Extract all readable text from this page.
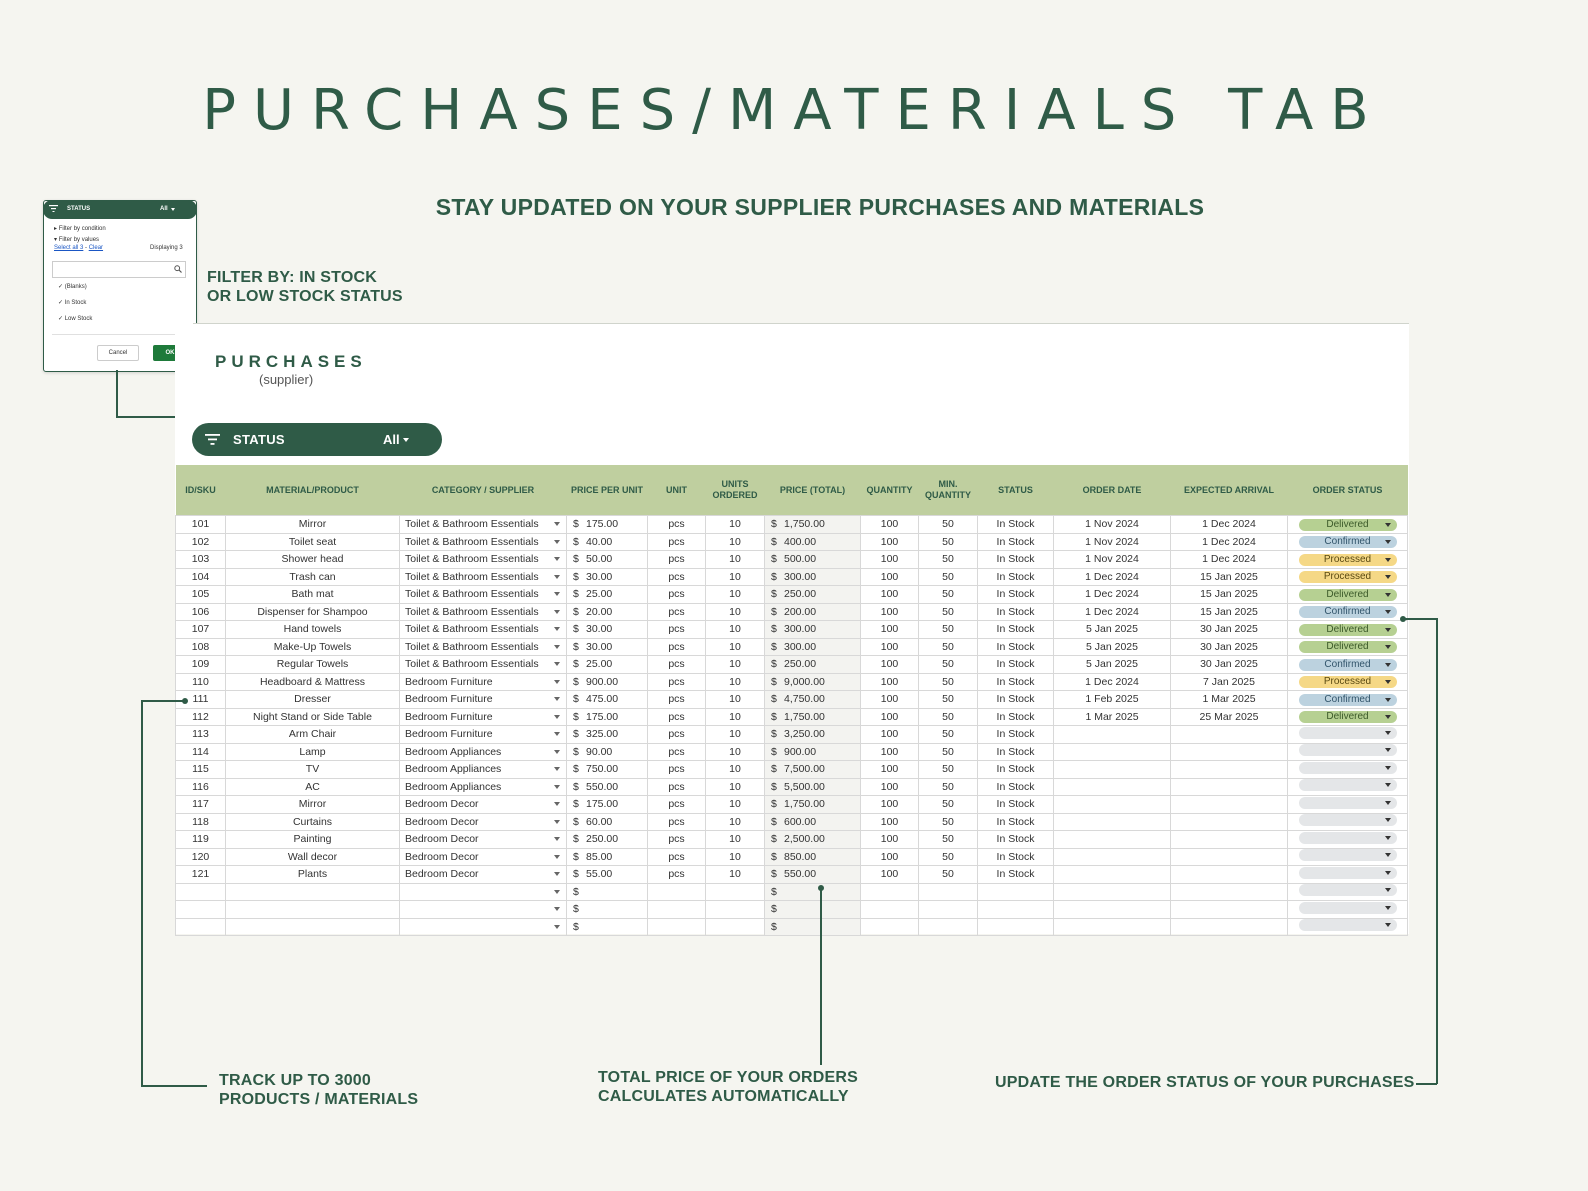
PURCHASES/MATERIALS TAB
STAY UPDATED ON YOUR SUPPLIER PURCHASES AND MATERIALS
FILTER BY: IN STOCK
OR LOW STOCK STATUS
STATUS	All
▸ Filter by condition
▾ Filter by values
Select all 3 - Clear	Displaying 3
✓ (Blanks)
✓ In Stock
✓ Low Stock
Cancel	OK	PURCHASES
(supplier)
STATUS	All
ID/SKU	MATERIAL/PRODUCT	CATEGORY / SUPPLIER	PRICE PER UNIT	UNIT	UNITS ORDERED	PRICE (TOTAL)	QUANTITY	MIN. QUANTITY	STATUS	ORDER DATE	EXPECTED ARRIVAL	ORDER STATUS
101	Mirror	Toilet & Bathroom Essentials	$ 175.00	pcs	10	$ 1,750.00	100	50	In Stock	1 Nov 2024	1 Dec 2024	Delivered

102	Toilet seat	Toilet & Bathroom Essentials	$ 40.00	pcs	10	$ 400.00	100	50	In Stock	1 Nov 2024	1 Dec 2024	Confirmed

103	Shower head	Toilet & Bathroom Essentials	$ 50.00	pcs	10	$ 500.00	100	50	In Stock	1 Nov 2024	1 Dec 2024	Processed

104	Trash can	Toilet & Bathroom Essentials	$ 30.00	pcs	10	$ 300.00	100	50	In Stock	1 Dec 2024	15 Jan 2025	Processed

105	Bath mat	Toilet & Bathroom Essentials	$ 25.00	pcs	10	$ 250.00	100	50	In Stock	1 Dec 2024	15 Jan 2025	Delivered

106	Dispenser for Shampoo	Toilet & Bathroom Essentials	$ 20.00	pcs	10	$ 200.00	100	50	In Stock	1 Dec 2024	15 Jan 2025	Confirmed

107	Hand towels	Toilet & Bathroom Essentials	$ 30.00	pcs	10	$ 300.00	100	50	In Stock	5 Jan 2025	30 Jan 2025	Delivered

108	Make-Up Towels	Toilet & Bathroom Essentials	$ 30.00	pcs	10	$ 300.00	100	50	In Stock	5 Jan 2025	30 Jan 2025	Delivered

109	Regular Towels	Toilet & Bathroom Essentials	$ 25.00	pcs	10	$ 250.00	100	50	In Stock	5 Jan 2025	30 Jan 2025	Confirmed

110	Headboard & Mattress	Bedroom Furniture	$ 900.00	pcs	10	$ 9,000.00	100	50	In Stock	1 Dec 2024	7 Jan 2025	Processed

111	Dresser	Bedroom Furniture	$ 475.00	pcs	10	$ 4,750.00	100	50	In Stock	1 Feb 2025	1 Mar 2025	Confirmed

112	Night Stand or Side Table	Bedroom Furniture	$ 175.00	pcs	10	$ 1,750.00	100	50	In Stock	1 Mar 2025	25 Mar 2025	Delivered

113	Arm Chair	Bedroom Furniture	$ 325.00	pcs	10	$ 3,250.00	100	50	In Stock			

114	Lamp	Bedroom Appliances	$ 90.00	pcs	10	$ 900.00	100	50	In Stock			

115	TV	Bedroom Appliances	$ 750.00	pcs	10	$ 7,500.00	100	50	In Stock			

116	AC	Bedroom Appliances	$ 550.00	pcs	10	$ 5,500.00	100	50	In Stock			

117	Mirror	Bedroom Decor	$ 175.00	pcs	10	$ 1,750.00	100	50	In Stock			

118	Curtains	Bedroom Decor	$ 60.00	pcs	10	$ 600.00	100	50	In Stock			

119	Painting	Bedroom Decor	$ 250.00	pcs	10	$ 2,500.00	100	50	In Stock			

120	Wall decor	Bedroom Decor	$ 85.00	pcs	10	$ 850.00	100	50	In Stock			

121	Plants	Bedroom Decor	$ 55.00	pcs	10	$ 550.00	100	50	In Stock			

	$			$						

	$			$						

	$			$						
TRACK UP TO 3000
PRODUCTS / MATERIALS
TOTAL PRICE OF YOUR ORDERS
CALCULATES AUTOMATICALLY
UPDATE THE ORDER STATUS OF YOUR PURCHASES
